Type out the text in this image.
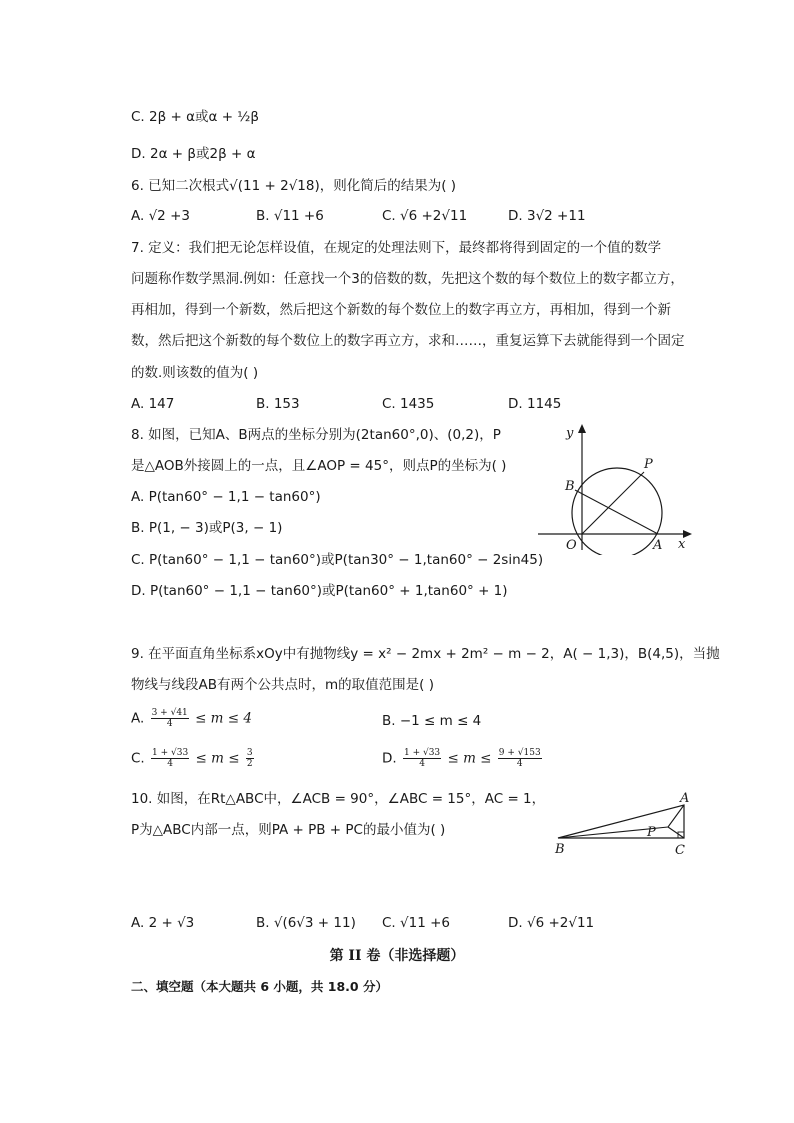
C. 2β + α或α + ½β
D. 2α + β或2β + α
6. 已知二次根式√(11 + 2√18)，则化简后的结果为( )
A. √2 +3	B. √11 +6	C. √6 +2√11	D. 3√2 +11
7. 定义：我们把无论怎样设值，在规定的处理法则下，最终都将得到固定的一个值的数学
问题称作数学黑洞.例如：任意找一个3的倍数的数，先把这个数的每个数位上的数字都立方，
再相加，得到一个新数，然后把这个新数的每个数位上的数字再立方，再相加，得到一个新
数，然后把这个新数的每个数位上的数字再立方，求和……，重复运算下去就能得到一个固定
的数.则该数的值为( )
A. 147	B. 153	C. 1435	D. 1145
8. 如图，已知A、B两点的坐标分别为(2tan60°,0)、(0,2)，P
是△AOB外接圆上的一点，且∠AOP = 45°，则点P的坐标为( )
A. P(tan60° − 1,1 − tan60°)
B. P(1, − 3)或P(3, − 1)
C. P(tan60° − 1,1 − tan60°)或P(tan30° − 1,tan60° − 2sin45)
D. P(tan60° − 1,1 − tan60°)或P(tan60° + 1,tan60° + 1)
y
x
B
P
O	A
9. 在平面直角坐标系xOy中有抛物线y = x² − 2mx + 2m² − m − 2，A( − 1,3)，B(4,5)，当抛
物线与线段AB有两个公共点时，m的取值范围是( )
A. $\frac{3 + √41}{4} \le m \le 4$	B. −1 ≤ m ≤ 4
C. $\frac{1 + √33}{4} \le m \le \frac{3}{2}$	D. $\frac{1 + √33}{4} \le m \le \frac{9 + √153}{4}$
10. 如图，在Rt△ABC中，∠ACB = 90°，∠ABC = 15°，AC = 1，
P为△ABC内部一点，则PA + PB + PC的最小值为( )
A
B	C
P
A. 2 + √3	B. √(6√3 + 11) C. √11 +6	D. √6 +2√11
第 II 卷（非选择题）
二、填空题（本大题共 6 小题，共 18.0 分）
